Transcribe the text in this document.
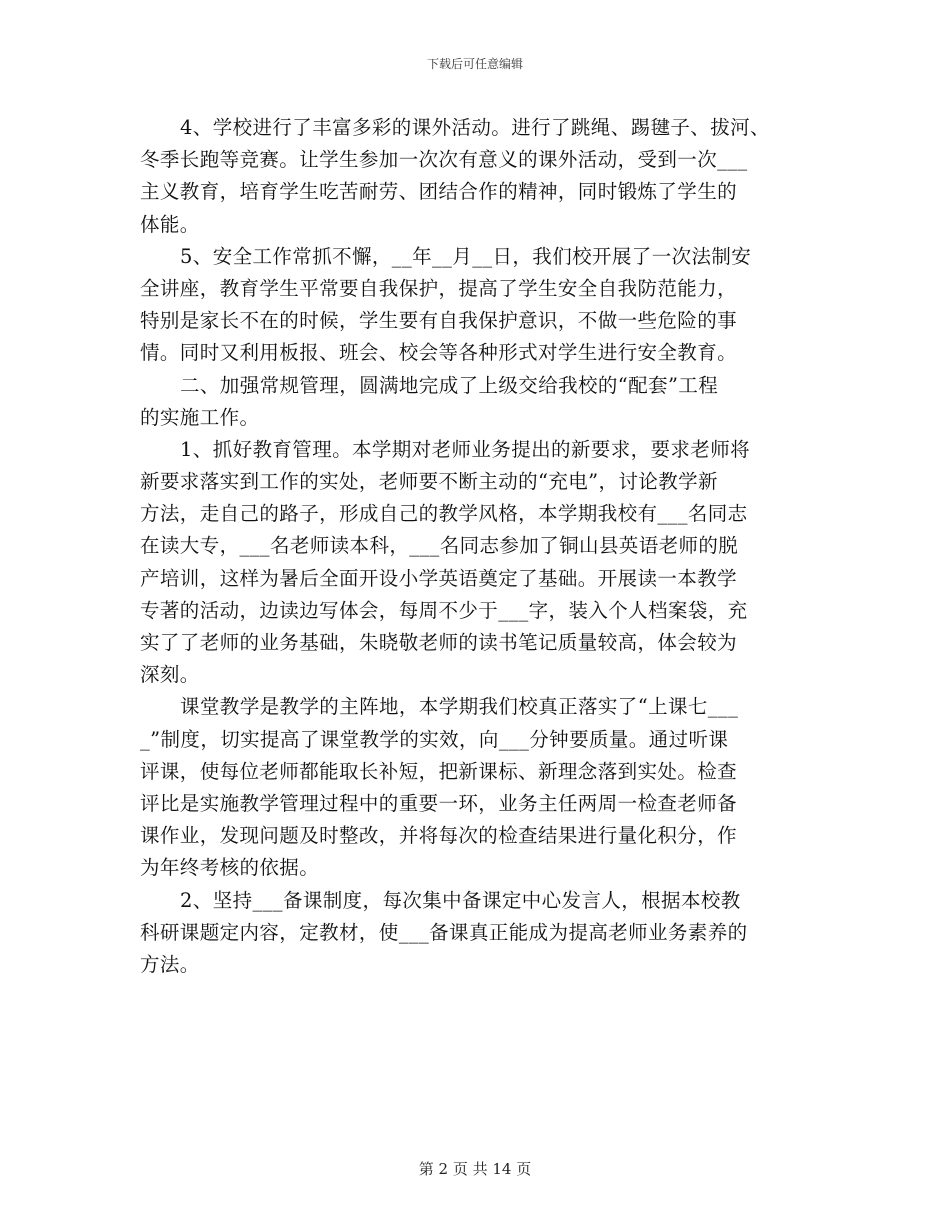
下载后可任意编辑
4、学校进行了丰富多彩的课外活动。进行了跳绳、踢毽子、拔河、
冬季长跑等竞赛。让学生参加一次次有意义的课外活动，受到一次___
主义教育，培育学生吃苦耐劳、团结合作的精神，同时锻炼了学生的
体能。
5、安全工作常抓不懈，__年__月__日，我们校开展了一次法制安
全讲座，教育学生平常要自我保护，提高了学生安全自我防范能力，
特别是家长不在的时候，学生要有自我保护意识，不做一些危险的事
情。同时又利用板报、班会、校会等各种形式对学生进行安全教育。
二、加强常规管理，圆满地完成了上级交给我校的“配套”工程
的实施工作。
1、抓好教育管理。本学期对老师业务提出的新要求，要求老师将
新要求落实到工作的实处，老师要不断主动的“充电”，讨论教学新
方法，走自己的路子，形成自己的教学风格，本学期我校有___名同志
在读大专，___名老师读本科，___名同志参加了铜山县英语老师的脱
产培训，这样为暑后全面开设小学英语奠定了基础。开展读一本教学
专著的活动，边读边写体会，每周不少于___字，装入个人档案袋，充
实了了老师的业务基础，朱晓敬老师的读书笔记质量较高，体会较为
深刻。
课堂教学是教学的主阵地，本学期我们校真正落实了“上课七___
_”制度，切实提高了课堂教学的实效，向___分钟要质量。通过听课
评课，使每位老师都能取长补短，把新课标、新理念落到实处。检查
评比是实施教学管理过程中的重要一环，业务主任两周一检查老师备
课作业，发现问题及时整改，并将每次的检查结果进行量化积分，作
为年终考核的依据。
2、坚持___备课制度，每次集中备课定中心发言人，根据本校教
科研课题定内容，定教材，使___备课真正能成为提高老师业务素养的
方法。
第 2 页 共 14 页
